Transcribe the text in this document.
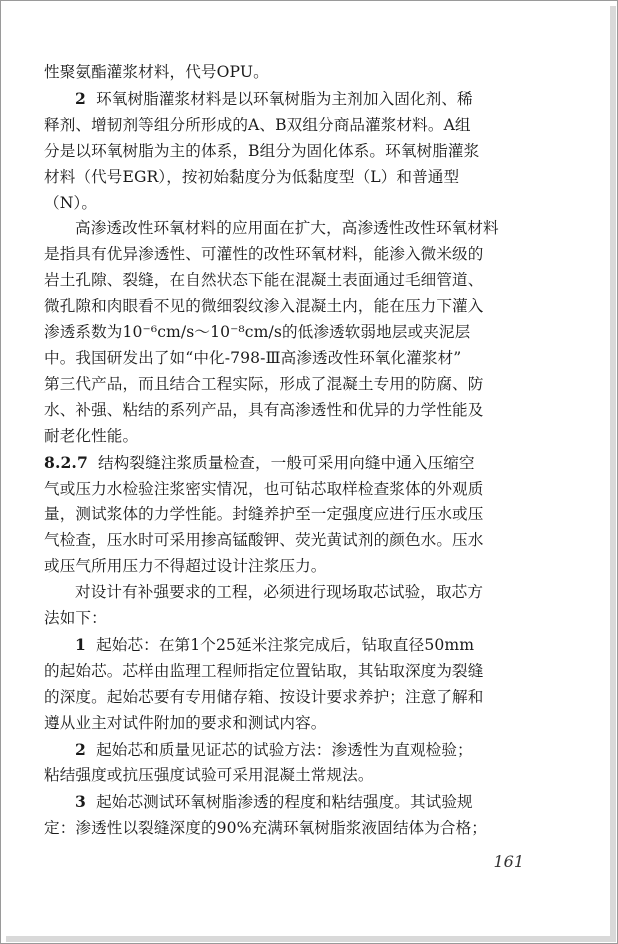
性聚氨酯灌浆材料，代号OPU。

2 环氧树脂灌浆材料是以环氧树脂为主剂加入固化剂、稀

释剂、增韧剂等组分所形成的A、B双组分商品灌浆材料。A组

分是以环氧树脂为主的体系，B组分为固化体系。环氧树脂灌浆

材料（代号EGR），按初始黏度分为低黏度型（L）和普通型

（N）。

高渗透改性环氧材料的应用面在扩大，高渗透性改性环氧材料

是指具有优异渗透性、可灌性的改性环氧材料，能渗入微米级的

岩土孔隙、裂缝，在自然状态下能在混凝土表面通过毛细管道、

微孔隙和肉眼看不见的微细裂纹渗入混凝土内，能在压力下灌入

渗透系数为10⁻⁶cm/s～10⁻⁸cm/s的低渗透软弱地层或夹泥层

中。我国研发出了如“中化-798-Ⅲ高渗透改性环氧化灌浆材”

第三代产品，而且结合工程实际，形成了混凝土专用的防腐、防

水、补强、粘结的系列产品，具有高渗透性和优异的力学性能及

耐老化性能。

8.2.7 结构裂缝注浆质量检查，一般可采用向缝中通入压缩空

气或压力水检验注浆密实情况，也可钻芯取样检查浆体的外观质

量，测试浆体的力学性能。封缝养护至一定强度应进行压水或压

气检查，压水时可采用掺高锰酸钾、荧光黄试剂的颜色水。压水

或压气所用压力不得超过设计注浆压力。

对设计有补强要求的工程，必须进行现场取芯试验，取芯方

法如下：

1 起始芯：在第1个25延米注浆完成后，钻取直径50mm

的起始芯。芯样由监理工程师指定位置钻取，其钻取深度为裂缝

的深度。起始芯要有专用储存箱、按设计要求养护；注意了解和

遵从业主对试件附加的要求和测试内容。

2 起始芯和质量见证芯的试验方法：渗透性为直观检验；

粘结强度或抗压强度试验可采用混凝土常规法。

3 起始芯测试环氧树脂渗透的程度和粘结强度。其试验规

定：渗透性以裂缝深度的90%充满环氧树脂浆液固结体为合格；

161
